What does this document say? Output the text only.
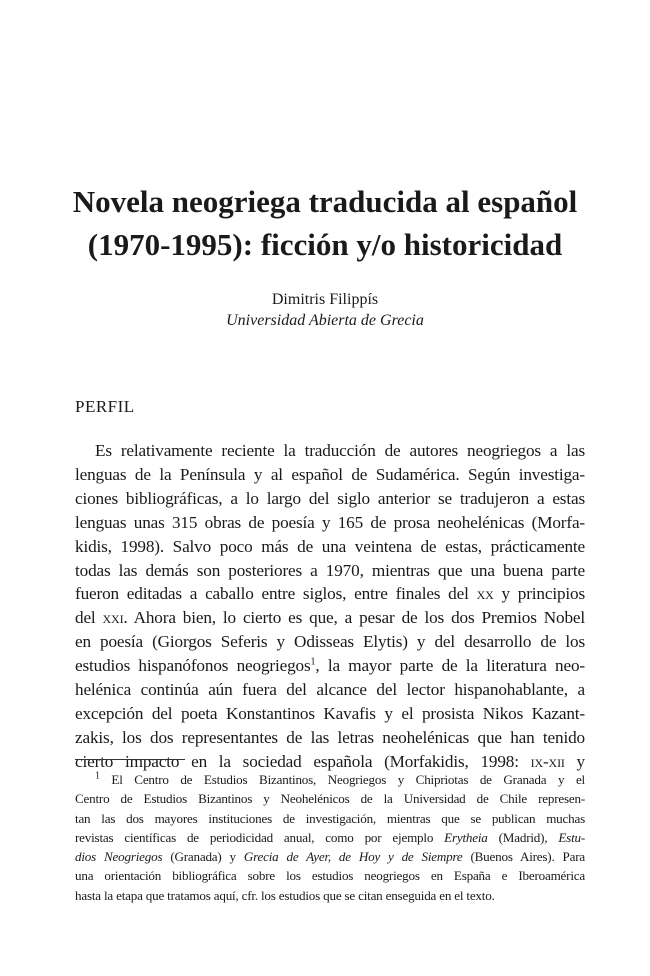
Novela neogriega traducida al español
(1970-1995): ficción y/o historicidad
Dimitris Filippís
Universidad Abierta de Grecia
PERFIL
Es relativamente reciente la traducción de autores neogriegos a las
lenguas de la Península y al español de Sudamérica. Según investiga-
ciones bibliográficas, a lo largo del siglo anterior se tradujeron a estas
lenguas unas 315 obras de poesía y 165 de prosa neohelénicas (Morfa-
kidis, 1998). Salvo poco más de una veintena de estas, prácticamente
todas las demás son posteriores a 1970, mientras que una buena parte
fueron editadas a caballo entre siglos, entre finales del xx y principios
del xxi. Ahora bien, lo cierto es que, a pesar de los dos Premios Nobel
en poesía (Giorgos Seferis y Odisseas Elytis) y del desarrollo de los
estudios hispanófonos neogriegos$^1$, la mayor parte de la literatura neo-
helénica continúa aún fuera del alcance del lector hispanohablante, a
excepción del poeta Konstantinos Kavafis y el prosista Nikos Kazant-
zakis, los dos representantes de las letras neohelénicas que han tenido
cierto impacto en la sociedad española (Morfakidis, 1998: ix-xii y
$^1$ El Centro de Estudios Bizantinos, Neogriegos y Chipriotas de Granada y el
Centro de Estudios Bizantinos y Neohelénicos de la Universidad de Chile represen-
tan las dos mayores instituciones de investigación, mientras que se publican muchas
revistas científicas de periodicidad anual, como por ejemplo Erytheia (Madrid), Estu-
dios Neogriegos (Granada) y Grecia de Ayer, de Hoy y de Siempre (Buenos Aires). Para
una orientación bibliográfica sobre los estudios neogriegos en España e Iberoamérica
hasta la etapa que tratamos aquí, cfr. los estudios que se citan enseguida en el texto.
